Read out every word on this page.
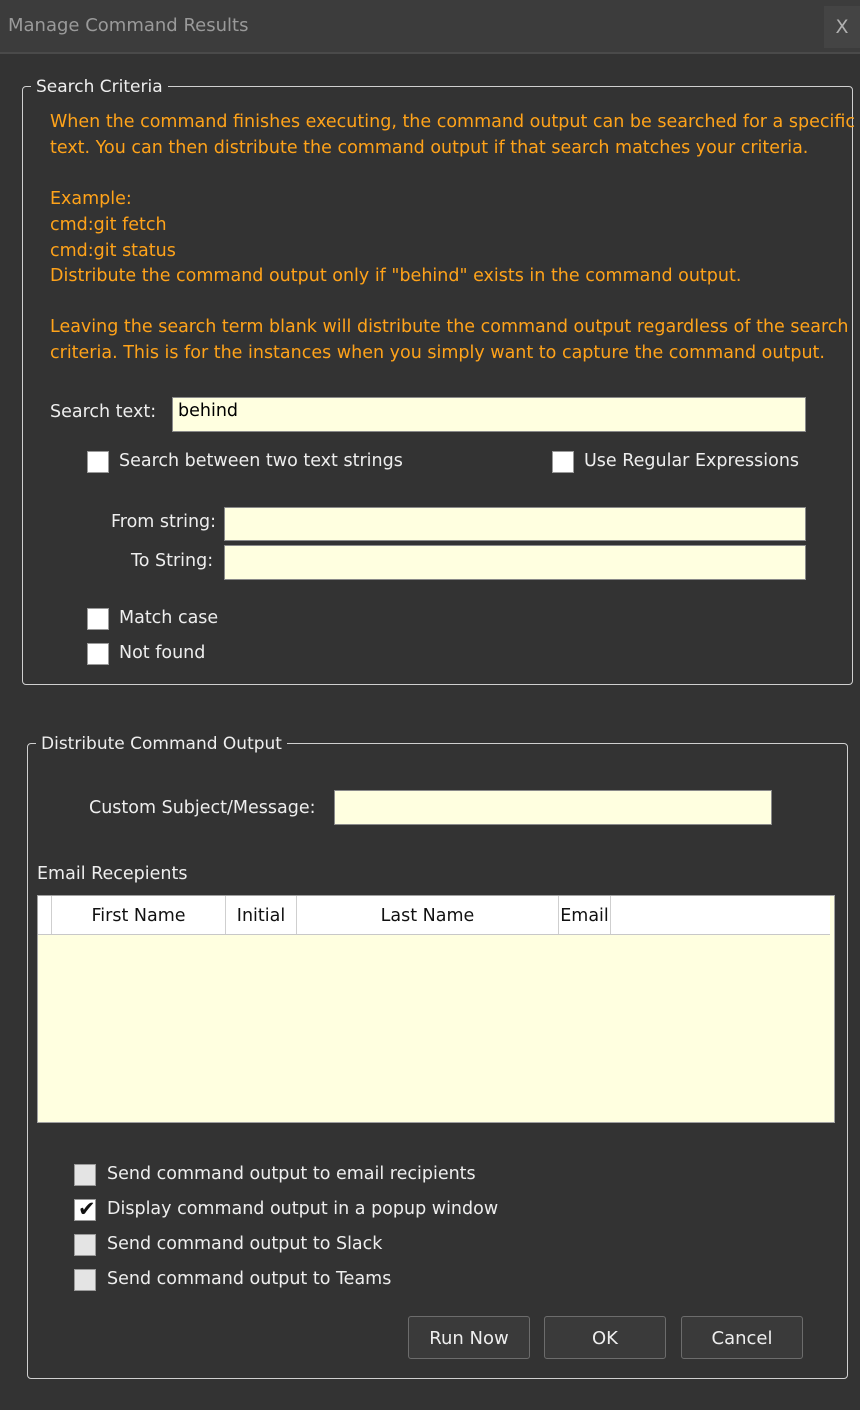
Manage Command Results	X
Search Criteria

When the command finishes executing, the command output can be searched for a specific

text. You can then distribute the command output if that search matches your criteria.

Example:

cmd:git fetch

cmd:git status

Distribute the command output only if "behind" exists in the command output.

Leaving the search term blank will distribute the command output regardless of the search

criteria. This is for the instances when you simply want to capture the command output.

Search text:	behind
Search between two text strings	Use Regular Expressions
From string:
To String:
Match case
Not found
Distribute Command Output
Custom Subject/Message:
Email Recepients
First Name	Initial	Last Name	Email
Send command output to email recipients
✔ Display command output in a popup window
Send command output to Slack
Send command output to Teams
Run Now	OK	Cancel
